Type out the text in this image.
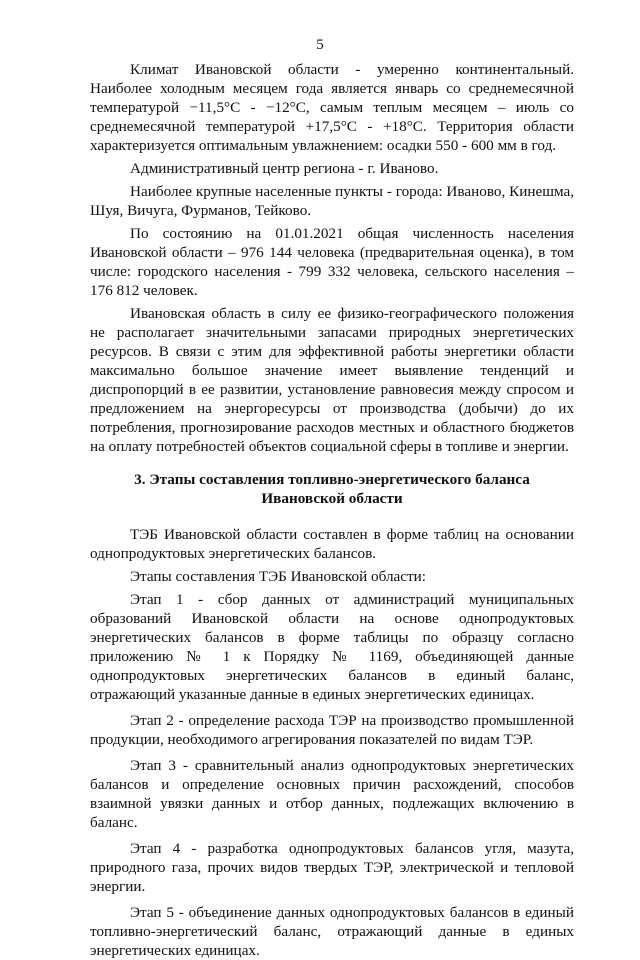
5

Климат Ивановской области - умеренно континентальный. Наиболее холодным месяцем года является январь со среднемесячной температурой −11,5°С - −12°С, самым теплым месяцем – июль со среднемесячной температурой +17,5°С - +18°С. Территория области характеризуется оптимальным увлажнением: осадки 550 - 600 мм в год.

Административный центр региона - г. Иваново.

Наиболее крупные населенные пункты - города: Иваново, Кинешма, Шуя, Вичуга, Фурманов, Тейково.

По состоянию на 01.01.2021 общая численность населения Ивановской области – 976 144 человека (предварительная оценка), в том числе: городского населения - 799 332 человека, сельского населения – 176 812 человек.

Ивановская область в силу ее физико-географического положения не располагает значительными запасами природных энергетических ресурсов. В связи с этим для эффективной работы энергетики области максимально большое значение имеет выявление тенденций и диспропорций в ее развитии, установление равновесия между спросом и предложением на энергоресурсы от производства (добычи) до их потребления, прогнозирование расходов местных и областного бюджетов на оплату потребностей объектов социальной сферы в топливе и энергии.

3. Этапы составления топливно-энергетического баланса
Ивановской области

ТЭБ Ивановской области составлен в форме таблиц на основании однопродуктовых энергетических балансов.

Этапы составления ТЭБ Ивановской области:

Этап 1 - сбор данных от администраций муниципальных образований Ивановской области на основе однопродуктовых энергетических балансов в форме таблицы по образцу согласно приложению № 1 к Порядку № 1169, объединяющей данные однопродуктовых энергетических балансов в единый баланс, отражающий указанные данные в единых энергетических единицах.

Этап 2 - определение расхода ТЭР на производство промышленной продукции, необходимого агрегирования показателей по видам ТЭР.

Этап 3 - сравнительный анализ однопродуктовых энергетических балансов и определение основных причин расхождений, способов взаимной увязки данных и отбор данных, подлежащих включению в баланс.

Этап 4 - разработка однопродуктовых балансов угля, мазута, природного газа, прочих видов твердых ТЭР, электрической и тепловой энергии.

Этап 5 - объединение данных однопродуктовых балансов в единый топливно-энергетический баланс, отражающий данные в единых энергетических единицах.
